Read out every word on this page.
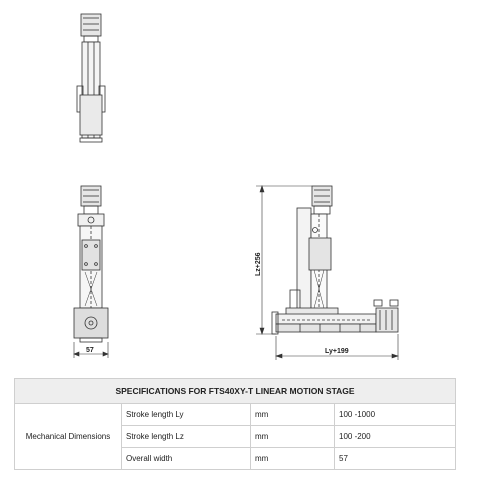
57
Lz+256
Ly+199
SPECIFICATIONS FOR FTS40XY-T LINEAR MOTION STAGE			
Mechanical Dimensions	Stroke length Ly	mm	100 -1000
	Stroke length Lz	mm	100 -200
	Overall width	mm	57
